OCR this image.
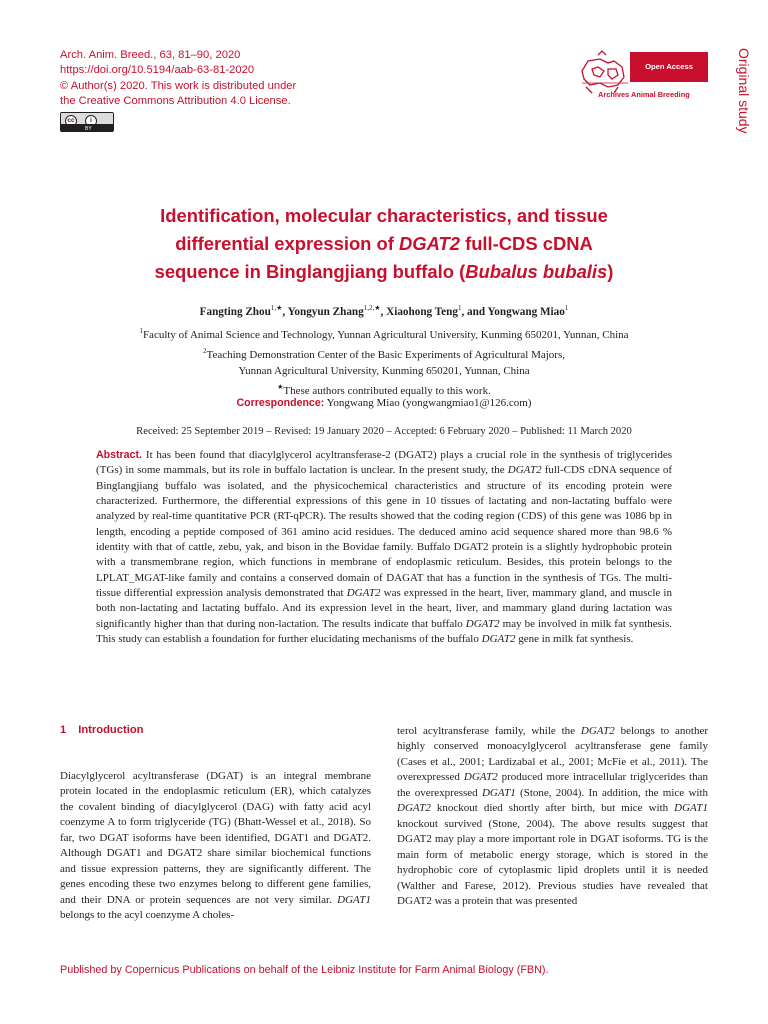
Arch. Anim. Breed., 63, 81–90, 2020
https://doi.org/10.5194/aab-63-81-2020
© Author(s) 2020. This work is distributed under
the Creative Commons Attribution 4.0 License.
cc	i
BY
Open Access
Archives Animal Breeding	Original study
Identification, molecular characteristics, and tissue
differential expression of DGAT2 full-CDS cDNA
sequence in Binglangjiang buffalo (Bubalus bubalis)
Fangting Zhou$^{1,★}$, Yongyun Zhang$^{1,2,★}$, Xiaohong Teng$^1$, and Yongwang Miao$^1$
$^1$Faculty of Animal Science and Technology, Yunnan Agricultural University, Kunming 650201, Yunnan, China
$^2$Teaching Demonstration Center of the Basic Experiments of Agricultural Majors,
Yunnan Agricultural University, Kunming 650201, Yunnan, China
★These authors contributed equally to this work.
Correspondence: Yongwang Miao (yongwangmiao1@126.com)
Received: 25 September 2019 – Revised: 19 January 2020 – Accepted: 6 February 2020 – Published: 11 March 2020
Abstract. It has been found that diacylglycerol acyltransferase-2 (DGAT2) plays a crucial role in the synthesis of triglycerides (TGs) in some mammals, but its role in buffalo lactation is unclear. In the present study, the DGAT2 full-CDS cDNA sequence of Binglangjiang buffalo was isolated, and the physicochemical characteristics and structure of its encoding protein were characterized. Furthermore, the differential expressions of this gene in 10 tissues of lactating and non-lactating buffalo were analyzed by real-time quantitative PCR (RT-qPCR). The results showed that the coding region (CDS) of this gene was 1086 bp in length, encoding a peptide composed of 361 amino acid residues. The deduced amino acid sequence shared more than 98.6 % identity with that of cattle, zebu, yak, and bison in the Bovidae family. Buffalo DGAT2 protein is a slightly hydrophobic protein with a transmembrane region, which functions in membrane of endoplasmic reticulum. Besides, this protein belongs to the LPLAT_MGAT-like family and contains a conserved domain of DAGAT that has a function in the synthesis of TGs. The multi-tissue differential expression analysis demonstrated that DGAT2 was expressed in the heart, liver, mammary gland, and muscle in both non-lactating and lactating buffalo. And its expression level in the heart, liver, and mammary gland during lactation was significantly higher than that during non-lactation. The results indicate that buffalo DGAT2 may be involved in milk fat synthesis. This study can establish a foundation for further elucidating mechanisms of the buffalo DGAT2 gene in milk fat synthesis.
1 Introduction
Diacylglycerol acyltransferase (DGAT) is an integral membrane protein located in the endoplasmic reticulum (ER), which catalyzes the covalent binding of diacylglycerol (DAG) with fatty acid acyl coenzyme A to form triglyceride (TG) (Bhatt-Wessel et al., 2018). So far, two DGAT isoforms have been identified, DGAT1 and DGAT2. Although DGAT1 and DGAT2 share similar biochemical functions and tissue expression patterns, they are significantly different. The genes encoding these two enzymes belong to different gene families, and their DNA or protein sequences are not very similar. DGAT1 belongs to the acyl coenzyme A choles-
terol acyltransferase family, while the DGAT2 belongs to another highly conserved monoacylglycerol acyltransferase gene family (Cases et al., 2001; Lardizabal et al., 2001; McFie et al., 2011). The overexpressed DGAT2 produced more intracellular triglycerides than the overexpressed DGAT1 (Stone, 2004). In addition, the mice with DGAT2 knockout died shortly after birth, but mice with DGAT1 knockout survived (Stone, 2004). The above results suggest that DGAT2 may play a more important role in DGAT isoforms. TG is the main form of metabolic energy storage, which is stored in the hydrophobic core of cytoplasmic lipid droplets until it is needed (Walther and Farese, 2012). Previous studies have revealed that DGAT2 was a protein that was presented
Published by Copernicus Publications on behalf of the Leibniz Institute for Farm Animal Biology (FBN).
